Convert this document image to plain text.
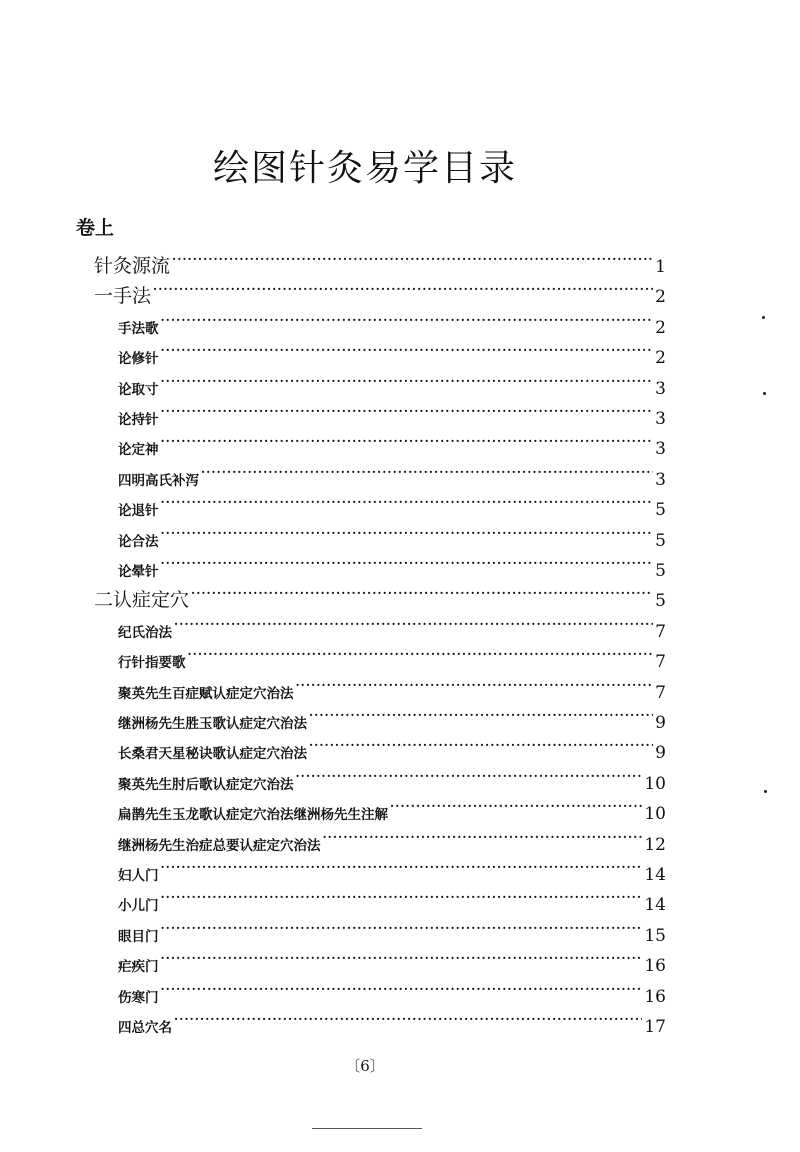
绘图针灸易学目录
卷上
针灸源流 ·····	1
一手法 ·····	2
手法歌 ·····	2
论修针 ·····	2
论取寸 ·····	3
论持针 ·····	3
论定神 ·····	3
四明高氏补泻 ·····	3
论退针 ·····	5
论合法 ·····	5
论晕针 ·····	5
二认症定穴 ·····	5
纪氏治法 ·····	7
行针指要歌 ·····	7
聚英先生百症赋认症定穴治法 ·····	7
继洲杨先生胜玉歌认症定穴治法 ·····	9
长桑君天星秘诀歌认症定穴治法 ·····	9
聚英先生肘后歌认症定穴治法 ·····	10
扁鹊先生玉龙歌认症定穴治法继洲杨先生注解 ·····	10
继洲杨先生治症总要认症定穴治法 ·····	12
妇人门 ·····	14
小儿门 ·····	14
眼目门 ·····	15
疟疾门 ·····	16
伤寒门 ·····	16
四总穴名 ·····	17

〔6〕
